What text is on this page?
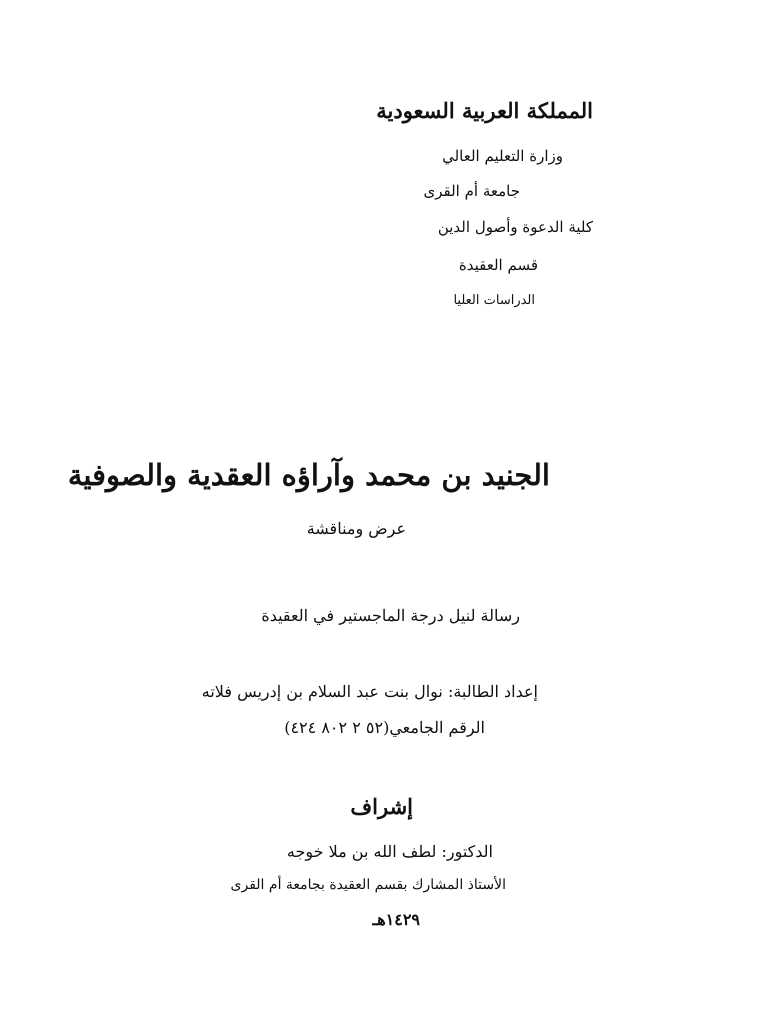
المملكة العربية السعودية

وزارة التعليم العالي

جامعة أم القرى

كلية الدعوة وأصول الدين

قسم العقيدة

الدراسات العليا

الجنيد بن محمد وآراؤه العقدية والصوفية

عرض ومناقشة

رسالة لنيل درجة الماجستير في العقيدة

إعداد الطالبة: نوال بنت عبد السلام بن إدريس فلاته

الرقم الجامعي(٥٢ ٢ ٨٠٢ ٤٢٤)

إشراف

الدكتور: لطف الله بن ملا خوجه

الأستاذ المشارك بقسم العقيدة بجامعة أم القرى

١٤٢٩هـ
